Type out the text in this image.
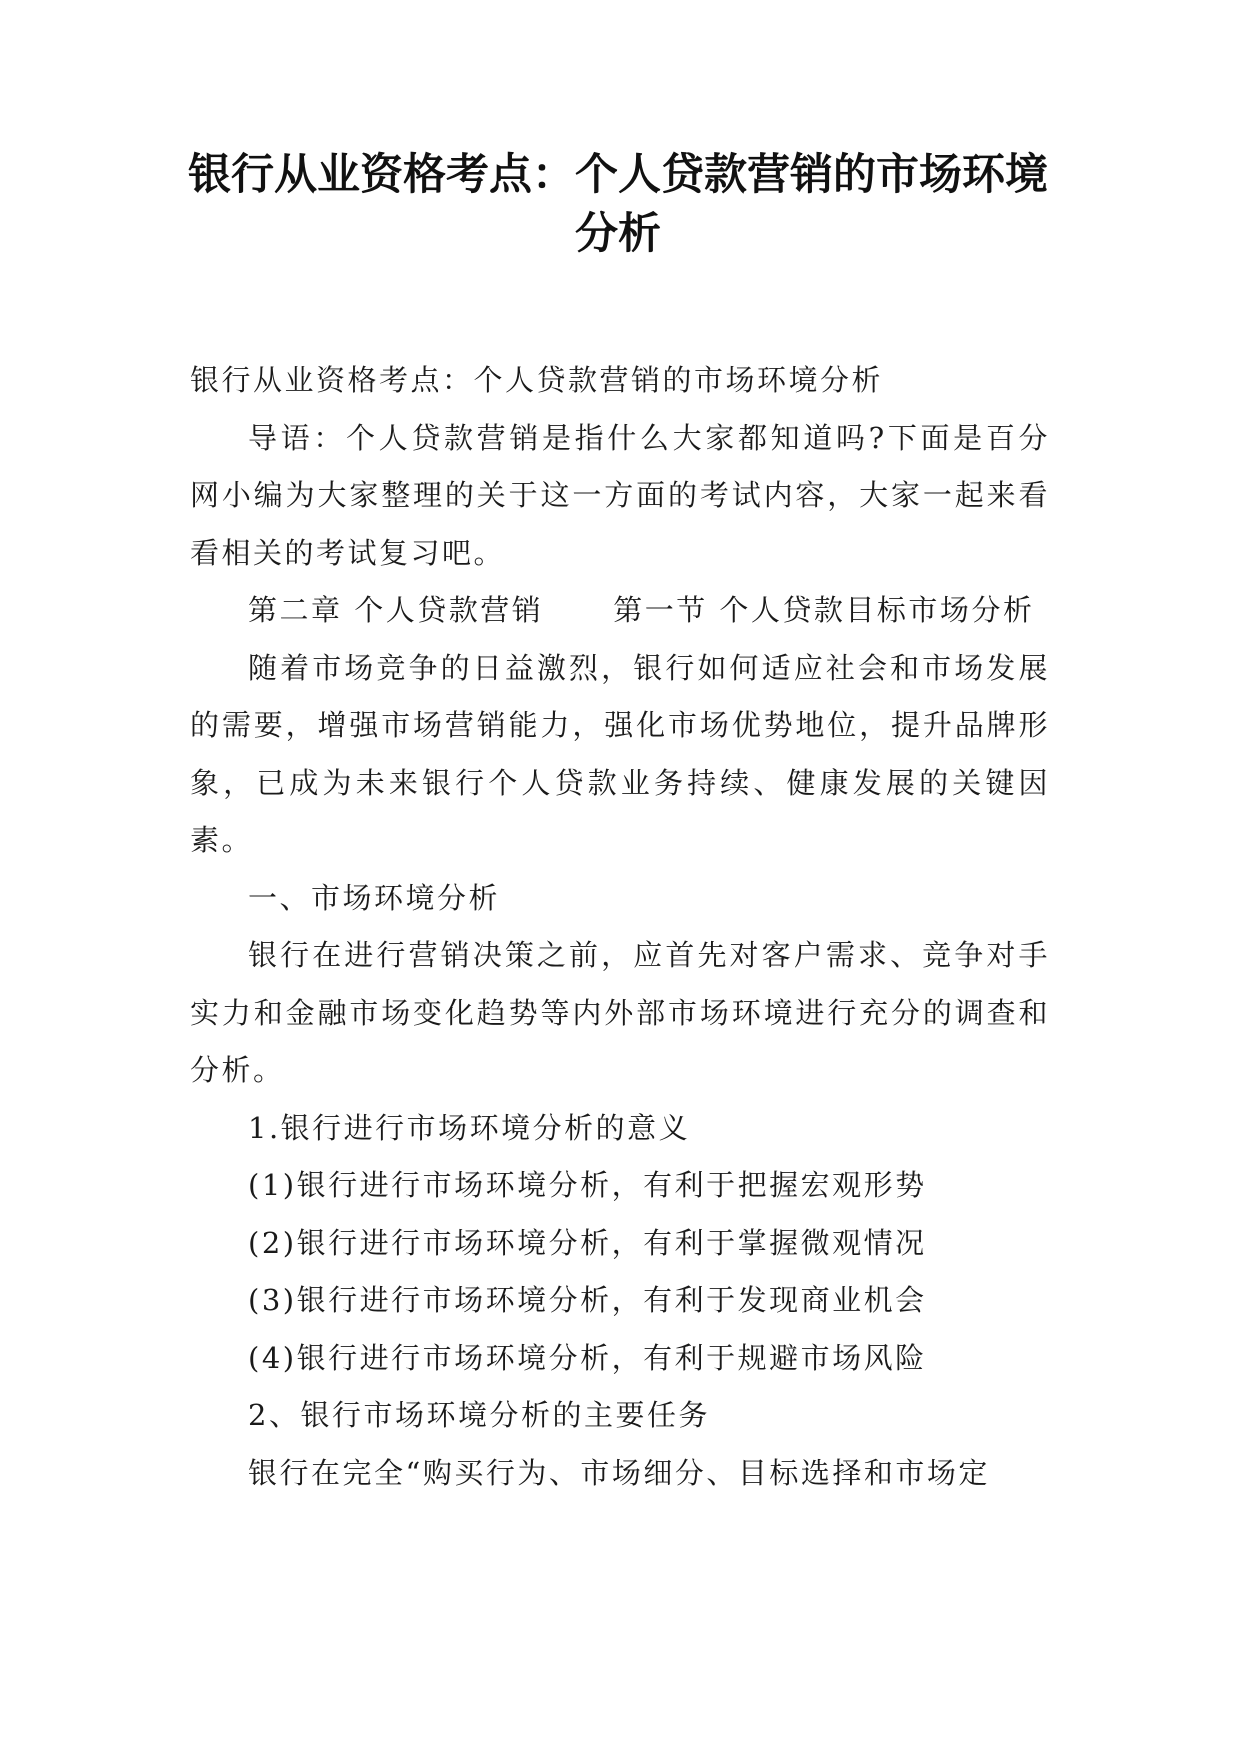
银行从业资格考点：个人贷款营销的市场环境分析

银行从业资格考点：个人贷款营销的市场环境分析

导语：个人贷款营销是指什么大家都知道吗?下面是百分网小编为大家整理的关于这一方面的考试内容，大家一起来看看相关的考试复习吧。

第二章 个人贷款营销 第一节 个人贷款目标市场分析

随着市场竞争的日益激烈，银行如何适应社会和市场发展的需要，增强市场营销能力，强化市场优势地位，提升品牌形象，已成为未来银行个人贷款业务持续、健康发展的关键因素。

一、市场环境分析

银行在进行营销决策之前，应首先对客户需求、竞争对手实力和金融市场变化趋势等内外部市场环境进行充分的调查和分析。

1.银行进行市场环境分析的意义

(1)银行进行市场环境分析，有利于把握宏观形势

(2)银行进行市场环境分析，有利于掌握微观情况

(3)银行进行市场环境分析，有利于发现商业机会

(4)银行进行市场环境分析，有利于规避市场风险

2、银行市场环境分析的主要任务

银行在完全“购买行为、市场细分、目标选择和市场定
